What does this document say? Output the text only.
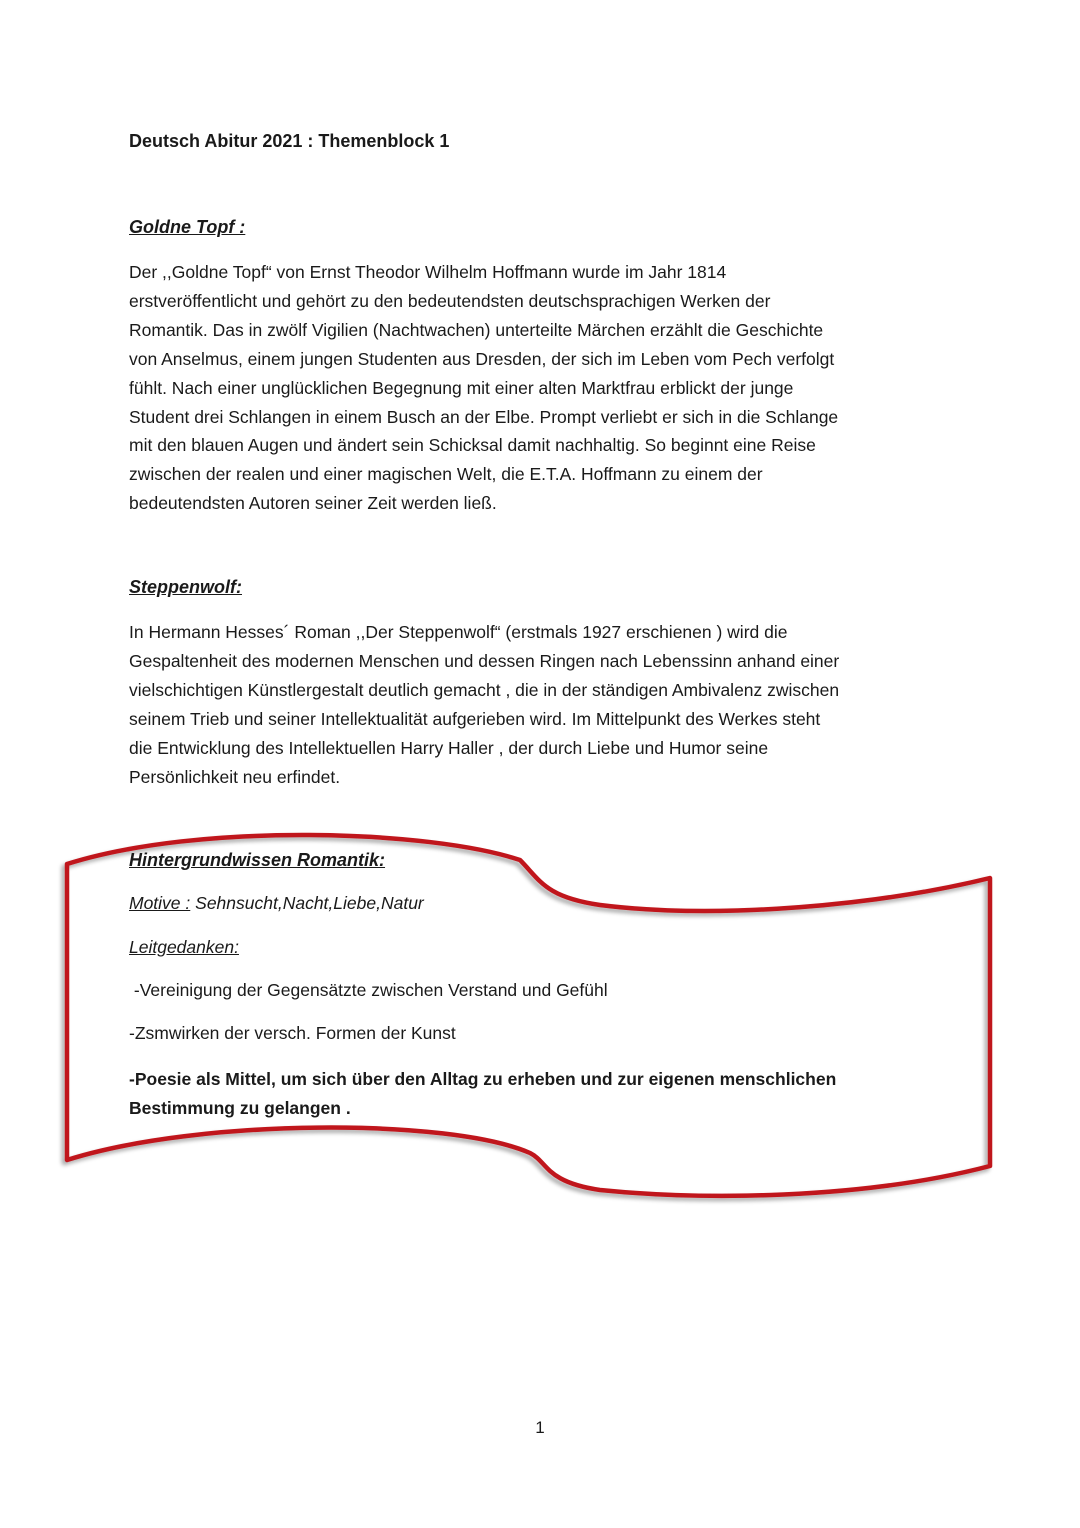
Deutsch Abitur 2021 : Themenblock 1
Goldne Topf :

Der ,,Goldne Topf“ von Ernst Theodor Wilhelm Hoffmann wurde im Jahr 1814
erstveröffentlicht und gehört zu den bedeutendsten deutschsprachigen Werken der
Romantik. Das in zwölf Vigilien (Nachtwachen) unterteilte Märchen erzählt die Geschichte
von Anselmus, einem jungen Studenten aus Dresden, der sich im Leben vom Pech verfolgt
fühlt. Nach einer unglücklichen Begegnung mit einer alten Marktfrau erblickt der junge
Student drei Schlangen in einem Busch an der Elbe. Prompt verliebt er sich in die Schlange
mit den blauen Augen und ändert sein Schicksal damit nachhaltig. So beginnt eine Reise
zwischen der realen und einer magischen Welt, die E.T.A. Hoffmann zu einem der
bedeutendsten Autoren seiner Zeit werden ließ.

Steppenwolf:

In Hermann Hesses´ Roman ,,Der Steppenwolf“ (erstmals 1927 erschienen ) wird die
Gespaltenheit des modernen Menschen und dessen Ringen nach Lebenssinn anhand einer
vielschichtigen Künstlergestalt deutlich gemacht , die in der ständigen Ambivalenz zwischen
seinem Trieb und seiner Intellektualität aufgerieben wird. Im Mittelpunkt des Werkes steht
die Entwicklung des Intellektuellen Harry Haller , der durch Liebe und Humor seine
Persönlichkeit neu erfindet.

Hintergrundwissen Romantik:

Motive : Sehnsucht,Nacht,Liebe,Natur

Leitgedanken:

-Vereinigung der Gegensätzte zwischen Verstand und Gefühl

-Zsmwirken der versch. Formen der Kunst

-Poesie als Mittel, um sich über den Alltag zu erheben und zur eigenen menschlichen
Bestimmung zu gelangen .

1
